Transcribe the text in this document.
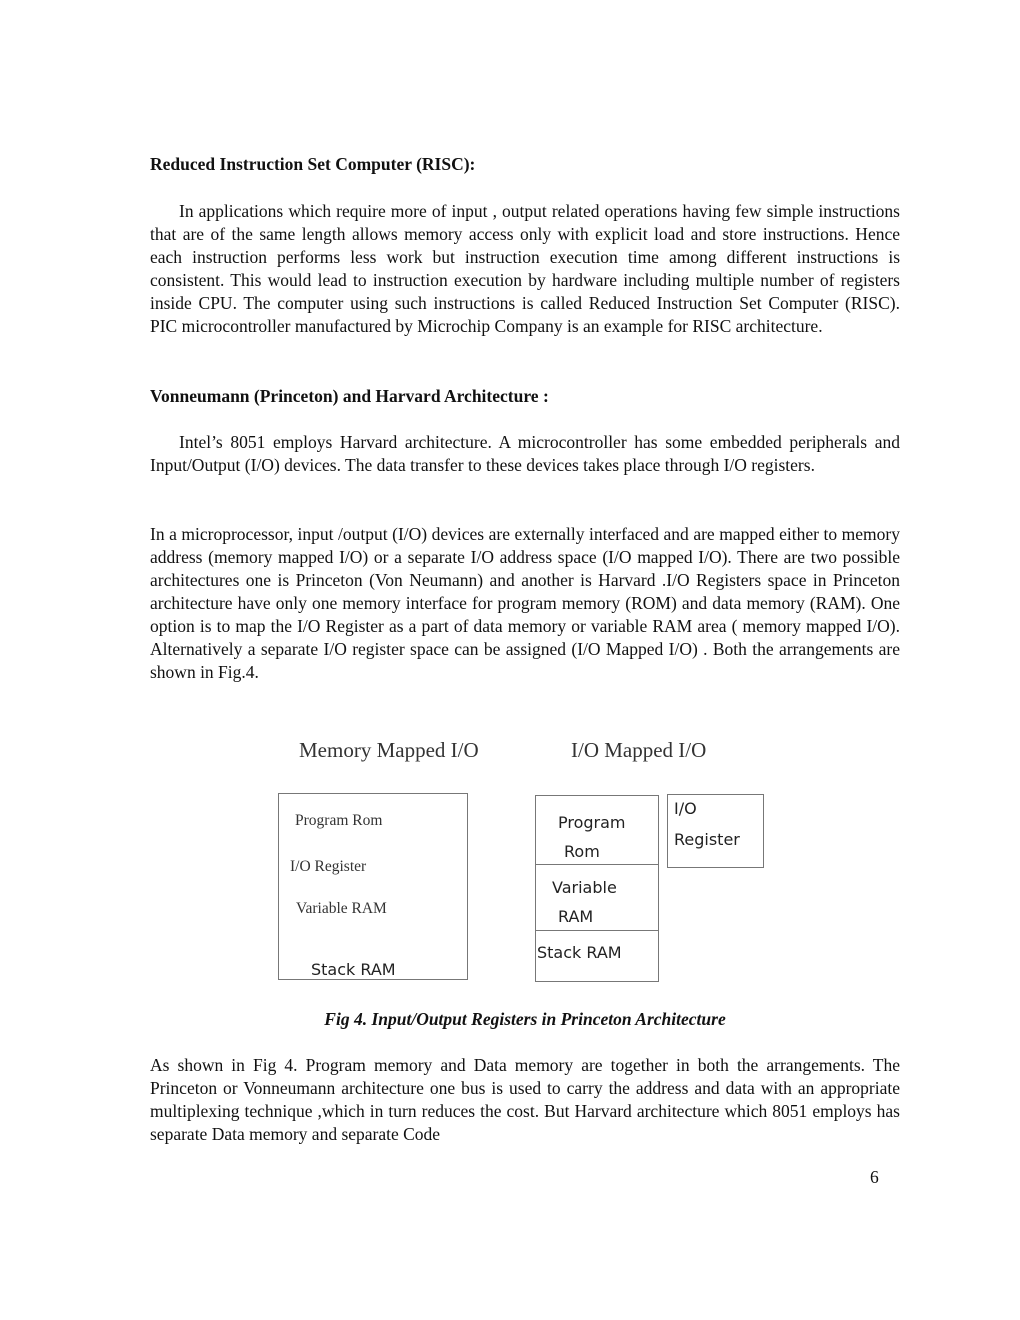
Reduced Instruction Set Computer (RISC):
In applications which require more of input , output related operations having few simple instructions that are of the same length allows memory access only with explicit load and store instructions. Hence each instruction performs less work but instruction execution time among different instructions is consistent. This would lead to instruction execution by hardware including multiple number of registers inside CPU. The computer using such instructions is called Reduced Instruction Set Computer (RISC). PIC microcontroller manufactured by Microchip Company is an example for RISC architecture.
Vonneumann (Princeton) and Harvard Architecture :
Intel’s 8051 employs Harvard architecture. A microcontroller has some embedded peripherals and Input/Output (I/O) devices. The data transfer to these devices takes place through I/O registers.
In a microprocessor, input /output (I/O) devices are externally interfaced and are mapped either to memory address (memory mapped I/O) or a separate I/O address space (I/O mapped I/O). There are two possible architectures one is Princeton (Von Neumann) and another is Harvard .I/O Registers space in Princeton architecture have only one memory interface for program memory (ROM) and data memory (RAM). One option is to map the I/O Register as a part of data memory or variable RAM area ( memory mapped I/O). Alternatively a separate I/O register space can be assigned (I/O Mapped I/O) . Both the arrangements are shown in Fig.4.
Fig 4. Input/Output Registers in Princeton Architecture
As shown in Fig 4. Program memory and Data memory are together in both the arrangements. The Princeton or Vonneumann architecture one bus is used to carry the address and data with an appropriate multiplexing technique ,which in turn reduces the cost. But Harvard architecture which 8051 employs has separate Data memory and separate Code
Memory Mapped I/O	I/O Mapped I/O
Program Rom
I/O Register
Variable RAM
Stack RAM
Program
Rom
Variable
RAM
Stack RAM
I/O
Register
6
